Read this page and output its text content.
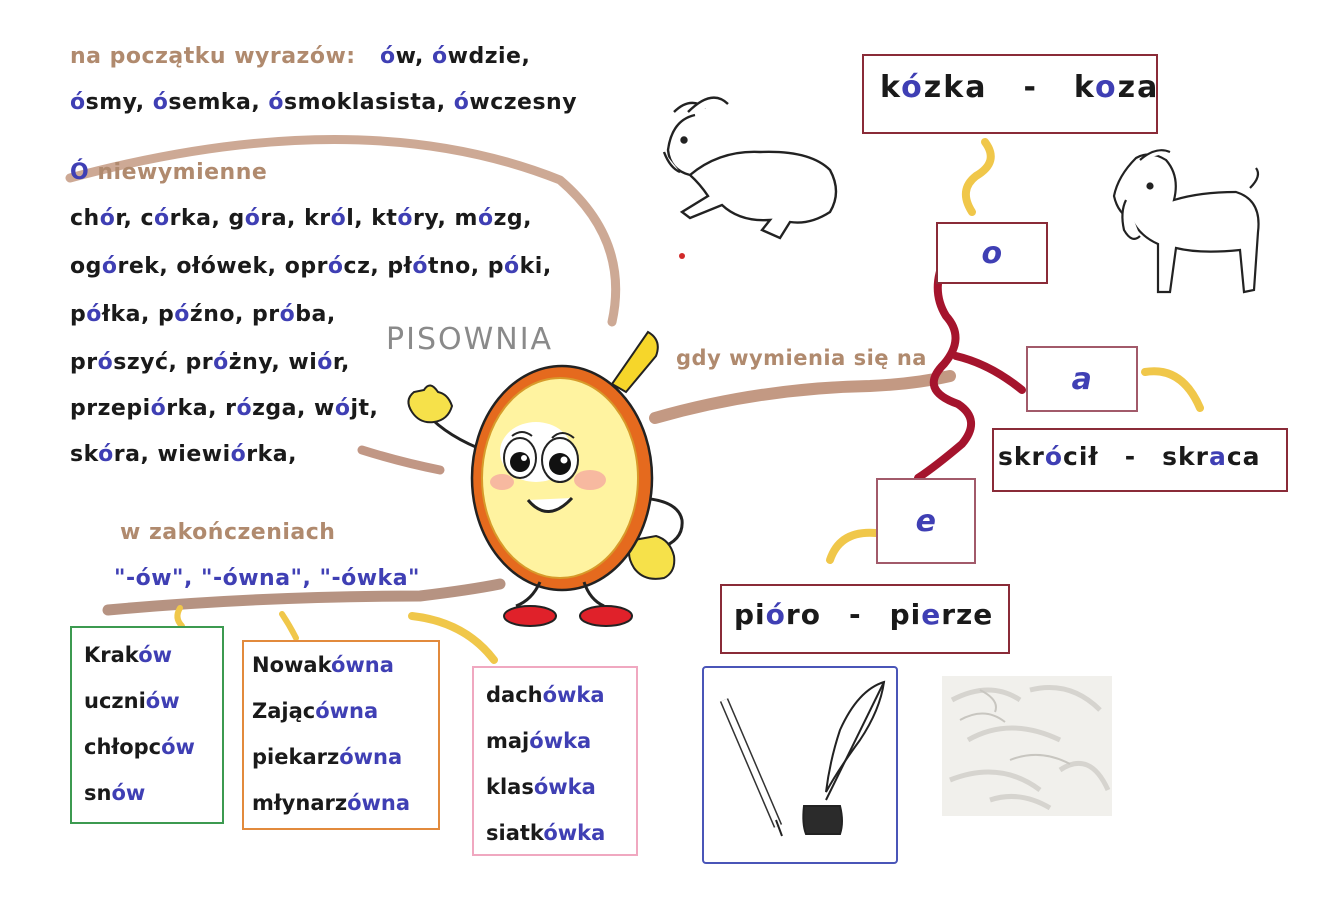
PISOWNIA
na początku wyrazów: ów, ówdzie,
ósmy, ósemka, ósmoklasista, ówczesny
Ó niewymienne
chór, córka, góra, król, który, mózg,
ogórek, ołówek, oprócz, płótno, póki,
półka, późno, próba,
prószyć, próżny, wiór,
przepiórka, rózga, wójt,
skóra, wiewiórka,
w zakończeniach
"-ów", "-ówna", "-ówka"
Kraków
uczniów
chłopców
snów
Nowakówna
Zającówna
piekarzówna
młynarzówna
dachówka
majówka
klasówka
siatkówka
gdy wymienia się na
kózka - koza
o
a
e
skrócił - skraca
pióro - pierze
